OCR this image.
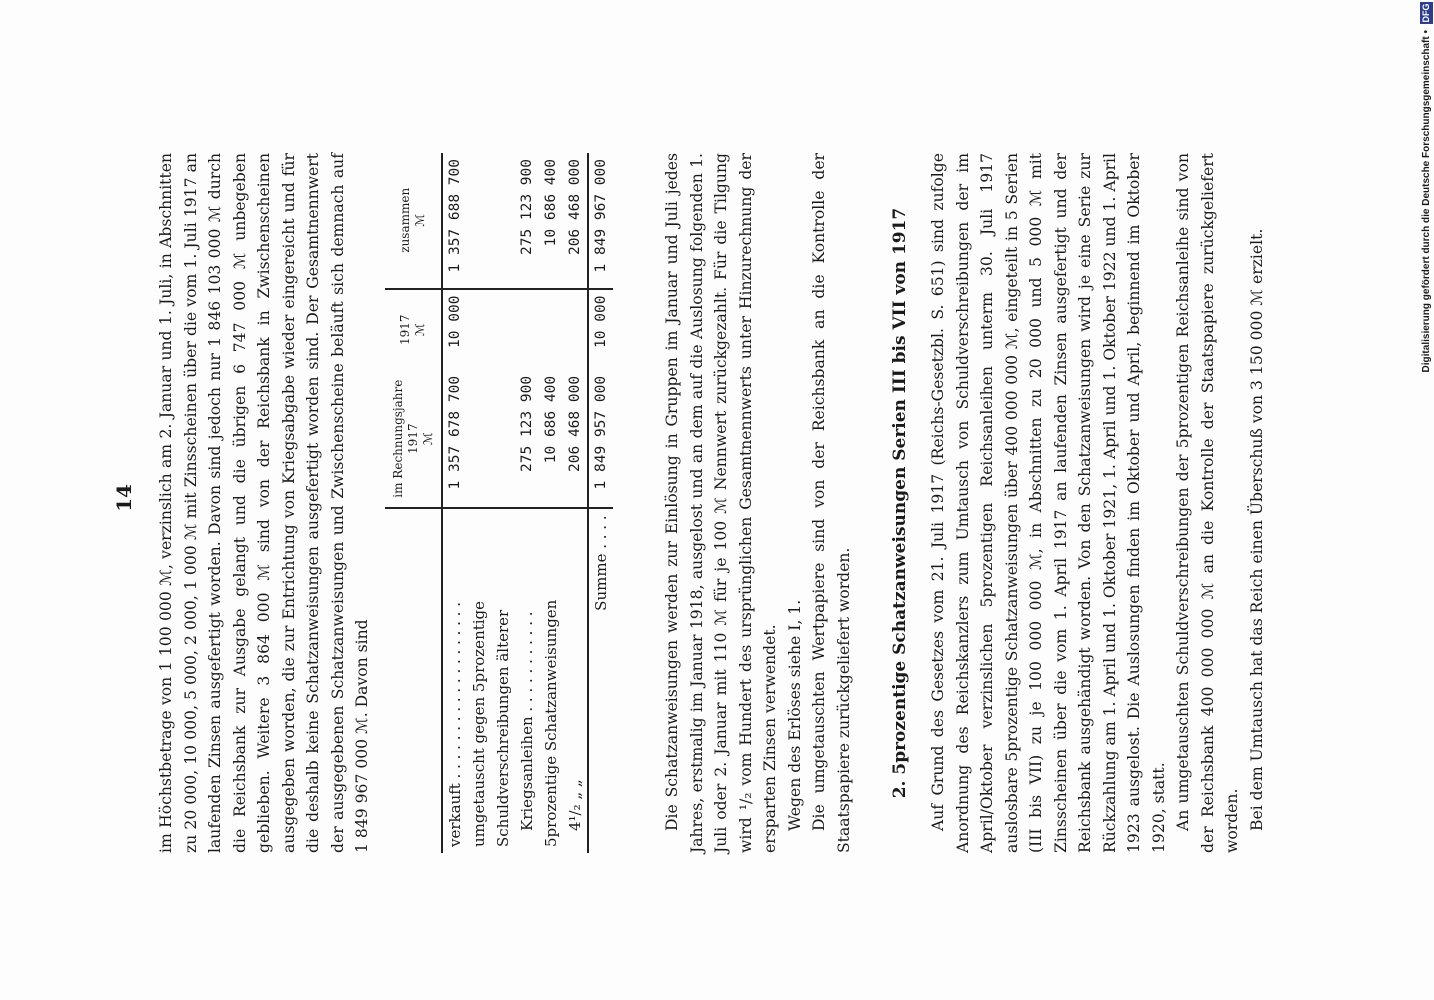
14 im Höchstbetrage von 1 100 000 ℳ, verzinslich am 2. Januar und 1. Juli, in Abschnitten zu 20 000, 10 000, 5 000, 2 000, 1 000 ℳ mit Zinsscheinen über die vom 1. Juli 1917 an laufenden Zinsen ausgefertigt worden. Davon sind jedoch nur 1 846 103 000 ℳ durch die Reichsbank zur Ausgabe gelangt und die übrigen 6 747 000 ℳ unbegeben geblieben. Weitere 3 864 000 ℳ sind von der Reichsbank in Zwischenscheinen ausgegeben worden, die zur Entrichtung von Kriegsabgabe wieder eingereicht und für die deshalb keine Schatzanweisungen ausgefertigt worden sind. Der Gesamtnennwert der ausgegebenen Schatzanweisungen und Zwischenscheine beläuft sich demnach auf 1 849 967 000 ℳ. Davon sind

	im Rechnungsjahre 1917 ℳ	1917 ℳ	zusammen ℳ

verkauft . . . . . . . . . . . . . . . . . . .	1 357 678 700	10 000	1 357 688 700
umgetauscht gegen 5prozentige Schuldverschreibungen älterer			
Kriegsanleihen . . . . . . . . . . .	275 123 900		275 123 900
5prozentige Schatzanweisungen	10 686 400		10 686 400
4¹/₂ „ „	206 468 000		206 468 000
Summe . . . .	1 849 957 000	10 000	1 849 967 000	Die Schatzanweisungen werden zur Einlösung in Gruppen im Januar und Juli jedes Jahres, erstmalig im Januar 1918, ausgelost und an dem auf die Auslosung folgenden 1. Juli oder 2. Januar mit 110 ℳ für je 100 ℳ Nennwert zurückgezahlt. Für die Tilgung wird ¹/₂ vom Hundert des ursprünglichen Gesamtnennwerts unter Hinzurechnung der ersparten Zinsen verwendet. Wegen des Erlöses siehe I, 1. Die umgetauschten Wertpapiere sind von der Reichsbank an die Kontrolle der Staatspapiere zurückgeliefert worden. 2. 5prozentige Schatzanweisungen Serien III bis VII von 1917 Auf Grund des Gesetzes vom 21. Juli 1917 (Reichs-Gesetzbl. S. 651) sind zufolge Anordnung des Reichskanzlers zum Umtausch von Schuldverschreibungen der im April/Oktober verzinslichen 5prozentigen Reichsanleihen unterm 30. Juli 1917 auslosbare 5prozentige Schatzanweisungen über 400 000 000 ℳ, eingeteilt in 5 Serien (III bis VII) zu je 100 000 000 ℳ, in Abschnitten zu 20 000 und 5 000 ℳ mit Zinsscheinen über die vom 1. April 1917 an laufenden Zinsen ausgefertigt und der Reichsbank ausgehändigt worden. Von den Schatzanweisungen wird je eine Serie zur Rückzahlung am 1. April und 1. Oktober 1921, 1. April und 1. Oktober 1922 und 1. April 1923 ausgelost. Die Auslosungen finden im Oktober und April, beginnend im Oktober 1920, statt. An umgetauschten Schuldverschreibungen der 5prozentigen Reichsanleihe sind von der Reichsbank 400 000 000 ℳ an die Kontrolle der Staatspapiere zurückgeliefert worden. Bei dem Umtausch hat das Reich einen Überschuß von 3 150 000 ℳ erzielt.

Digitalisierung gefördert durch die Deutsche Forschungsgemeinschaft •
DFG
